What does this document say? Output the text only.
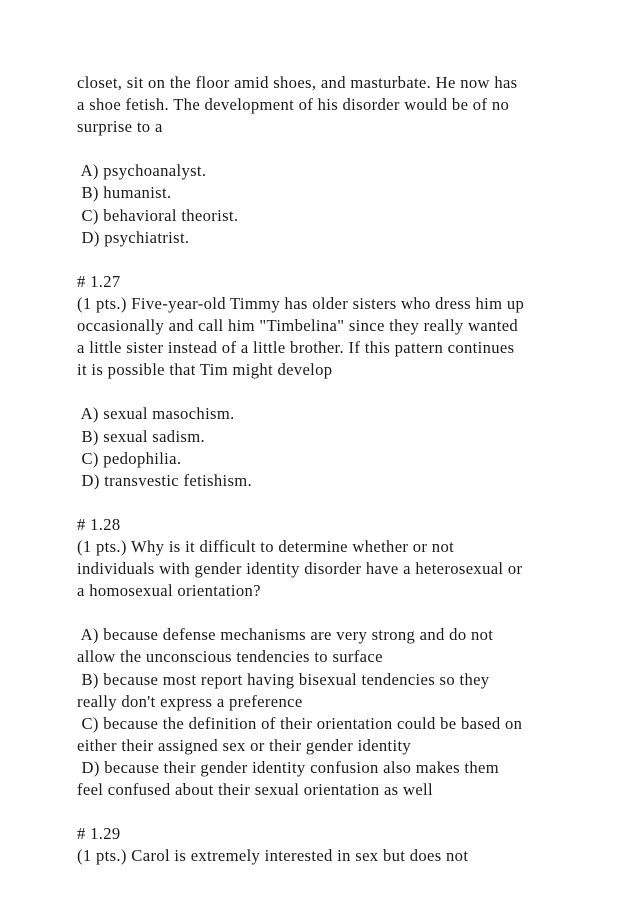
closet, sit on the floor amid shoes, and masturbate. He now has
a shoe fetish. The development of his disorder would be of no
surprise to a
A) psychoanalyst.
B) humanist.
C) behavioral theorist.
D) psychiatrist.
# 1.27
(1 pts.) Five-year-old Timmy has older sisters who dress him up
occasionally and call him "Timbelina" since they really wanted
a little sister instead of a little brother. If this pattern continues
it is possible that Tim might develop
A) sexual masochism.
B) sexual sadism.
C) pedophilia.
D) transvestic fetishism.
# 1.28
(1 pts.) Why is it difficult to determine whether or not
individuals with gender identity disorder have a heterosexual or
a homosexual orientation?
A) because defense mechanisms are very strong and do not
allow the unconscious tendencies to surface
B) because most report having bisexual tendencies so they
really don't express a preference
C) because the definition of their orientation could be based on
either their assigned sex or their gender identity
D) because their gender identity confusion also makes them
feel confused about their sexual orientation as well
# 1.29
(1 pts.) Carol is extremely interested in sex but does not
